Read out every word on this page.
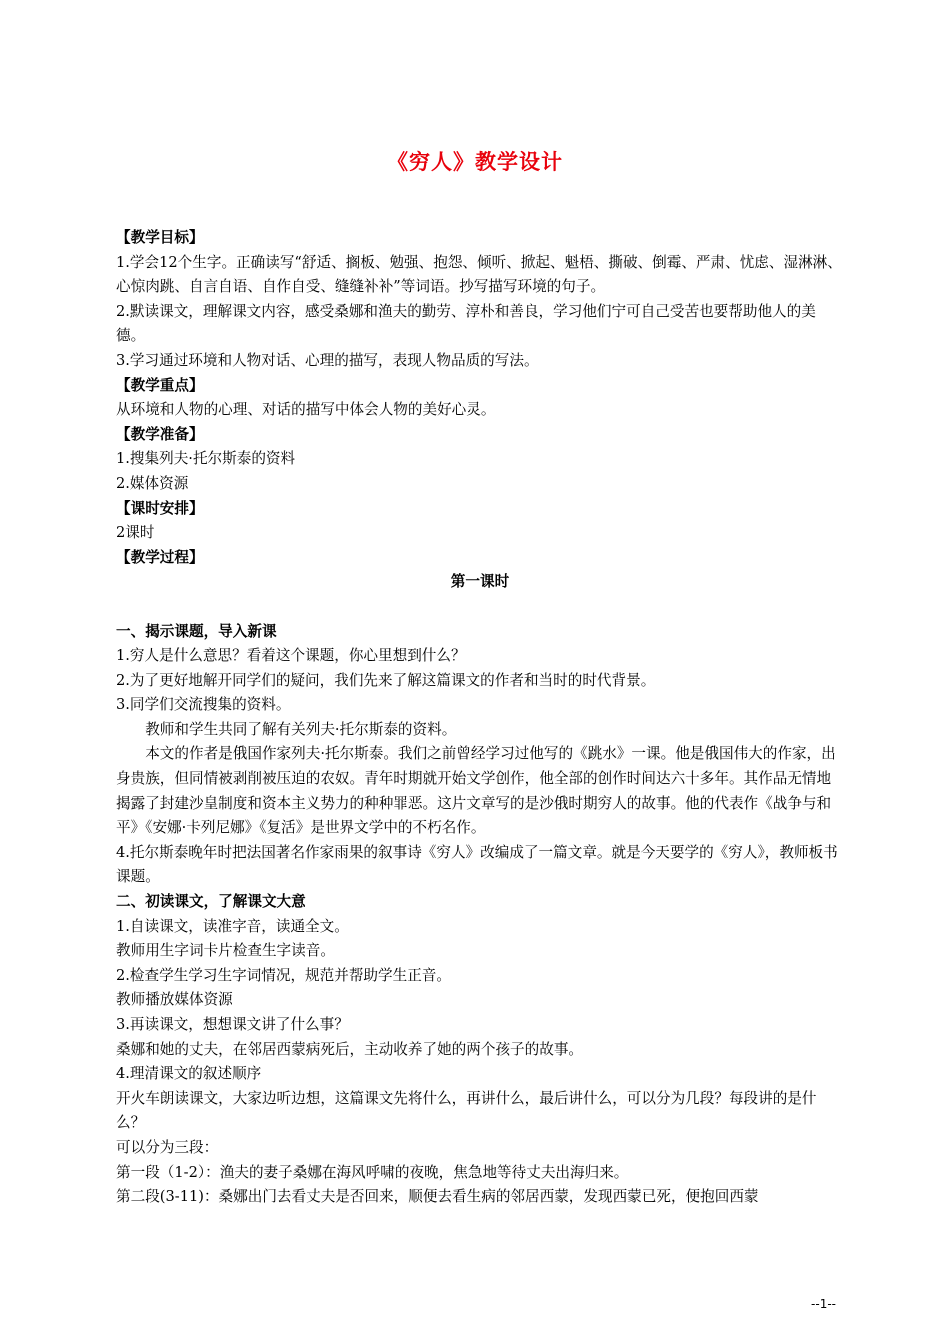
《穷人》教学设计

【教学目标】

1.学会12个生字。正确读写“舒适、搁板、勉强、抱怨、倾听、掀起、魁梧、撕破、倒霉、严肃、忧虑、湿淋淋、心惊肉跳、自言自语、自作自受、缝缝补补”等词语。抄写描写环境的句子。

2.默读课文，理解课文内容，感受桑娜和渔夫的勤劳、淳朴和善良，学习他们宁可自己受苦也要帮助他人的美德。

3.学习通过环境和人物对话、心理的描写，表现人物品质的写法。

【教学重点】

从环境和人物的心理、对话的描写中体会人物的美好心灵。

【教学准备】

1.搜集列夫·托尔斯泰的资料

2.媒体资源

【课时安排】

2课时

【教学过程】

第一课时

一、揭示课题，导入新课

1.穷人是什么意思？看着这个课题，你心里想到什么？

2.为了更好地解开同学们的疑问，我们先来了解这篇课文的作者和当时的时代背景。

3.同学们交流搜集的资料。

教师和学生共同了解有关列夫·托尔斯泰的资料。

本文的作者是俄国作家列夫·托尔斯泰。我们之前曾经学习过他写的《跳水》一课。他是俄国伟大的作家，出身贵族，但同情被剥削被压迫的农奴。青年时期就开始文学创作，他全部的创作时间达六十多年。其作品无情地揭露了封建沙皇制度和资本主义势力的种种罪恶。这片文章写的是沙俄时期穷人的故事。他的代表作《战争与和平》《安娜·卡列尼娜》《复活》是世界文学中的不朽名作。

4.托尔斯泰晚年时把法国著名作家雨果的叙事诗《穷人》改编成了一篇文章。就是今天要学的《穷人》，教师板书课题。

二、初读课文，了解课文大意

1.自读课文，读准字音，读通全文。

教师用生字词卡片检查生字读音。

2.检查学生学习生字词情况，规范并帮助学生正音。

教师播放媒体资源

3.再读课文，想想课文讲了什么事？

桑娜和她的丈夫，在邻居西蒙病死后，主动收养了她的两个孩子的故事。

4.理清课文的叙述顺序

开火车朗读课文，大家边听边想，这篇课文先将什么，再讲什么，最后讲什么，可以分为几段？每段讲的是什么？

可以分为三段：

第一段（1-2）：渔夫的妻子桑娜在海风呼啸的夜晚，焦急地等待丈夫出海归来。

第二段(3-11)：桑娜出门去看丈夫是否回来，顺便去看生病的邻居西蒙，发现西蒙已死，便抱回西蒙

--1--
